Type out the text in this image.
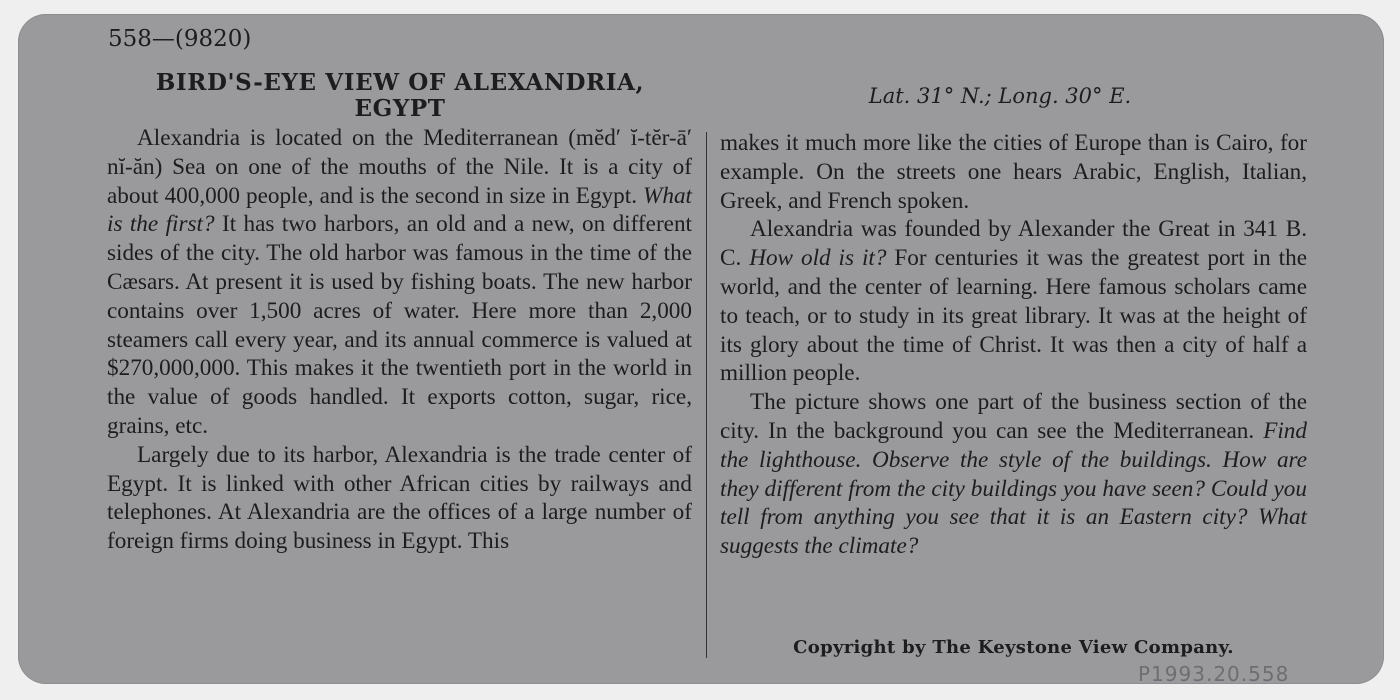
558—(9820)
BIRD'S-EYE VIEW OF ALEXANDRIA,
EGYPT	Lat. 31° N.; Long. 30° E.

Alexandria is located on the Mediterranean (mĕd′ ĭ-tĕr-ā′ nĭ-ăn) Sea on one of the mouths of the Nile. It is a city of about 400,000 people, and is the second in size in Egypt. What is the first? It has two harbors, an old and a new, on different sides of the city. The old harbor was famous in the time of the Cæsars. At present it is used by fishing boats. The new harbor contains over 1,500 acres of water. Here more than 2,000 steamers call every year, and its annual commerce is valued at $270,000,000. This makes it the twentieth port in the world in the value of goods handled. It exports cotton, sugar, rice, grains, etc.

Largely due to its harbor, Alexandria is the trade center of Egypt. It is linked with other African cities by railways and telephones. At Alexandria are the offices of a large number of foreign firms doing business in Egypt. This

makes it much more like the cities of Europe than is Cairo, for example. On the streets one hears Arabic, English, Italian, Greek, and French spoken.

Alexandria was founded by Alexander the Great in 341 B. C. How old is it? For centuries it was the greatest port in the world, and the center of learning. Here famous scholars came to teach, or to study in its great library. It was at the height of its glory about the time of Christ. It was then a city of half a million people.

The picture shows one part of the business section of the city. In the background you can see the Mediterranean. Find the lighthouse. Observe the style of the buildings. How are they different from the city buildings you have seen? Could you tell from anything you see that it is an Eastern city? What suggests the climate?

Copyright by The Keystone View Company.
P1993.20.558
